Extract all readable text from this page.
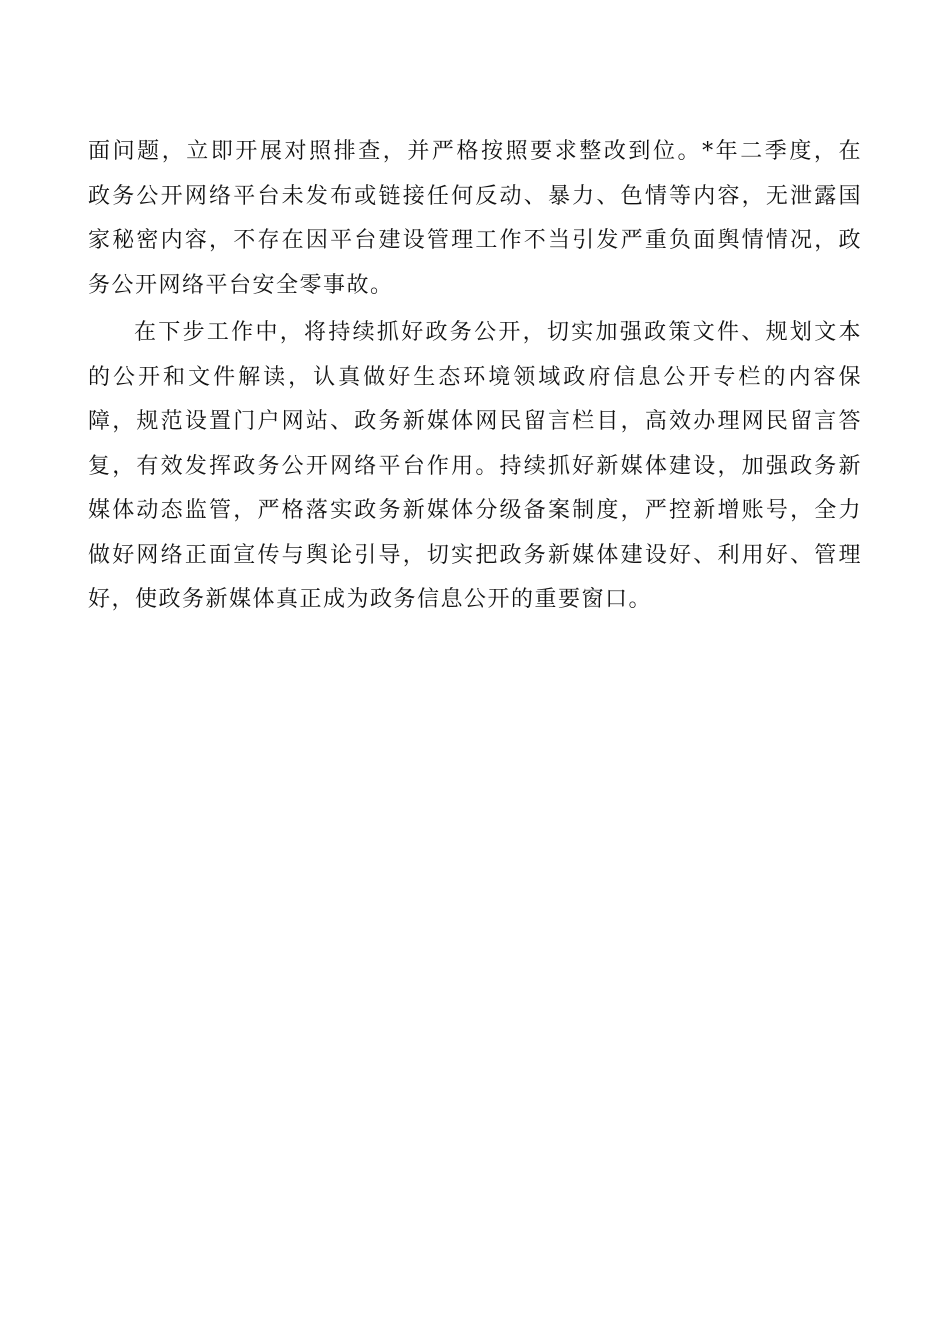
面问题，立即开展对照排查，并严格按照要求整改到位。*年二季度，在
政务公开网络平台未发布或链接任何反动、暴力、色情等内容，无泄露国
家秘密内容，不存在因平台建设管理工作不当引发严重负面舆情情况，政
务公开网络平台安全零事故。
在下步工作中，将持续抓好政务公开，切实加强政策文件、规划文本
的公开和文件解读，认真做好生态环境领域政府信息公开专栏的内容保
障，规范设置门户网站、政务新媒体网民留言栏目，高效办理网民留言答
复，有效发挥政务公开网络平台作用。持续抓好新媒体建设，加强政务新
媒体动态监管，严格落实政务新媒体分级备案制度，严控新增账号，全力
做好网络正面宣传与舆论引导，切实把政务新媒体建设好、利用好、管理
好，使政务新媒体真正成为政务信息公开的重要窗口。
